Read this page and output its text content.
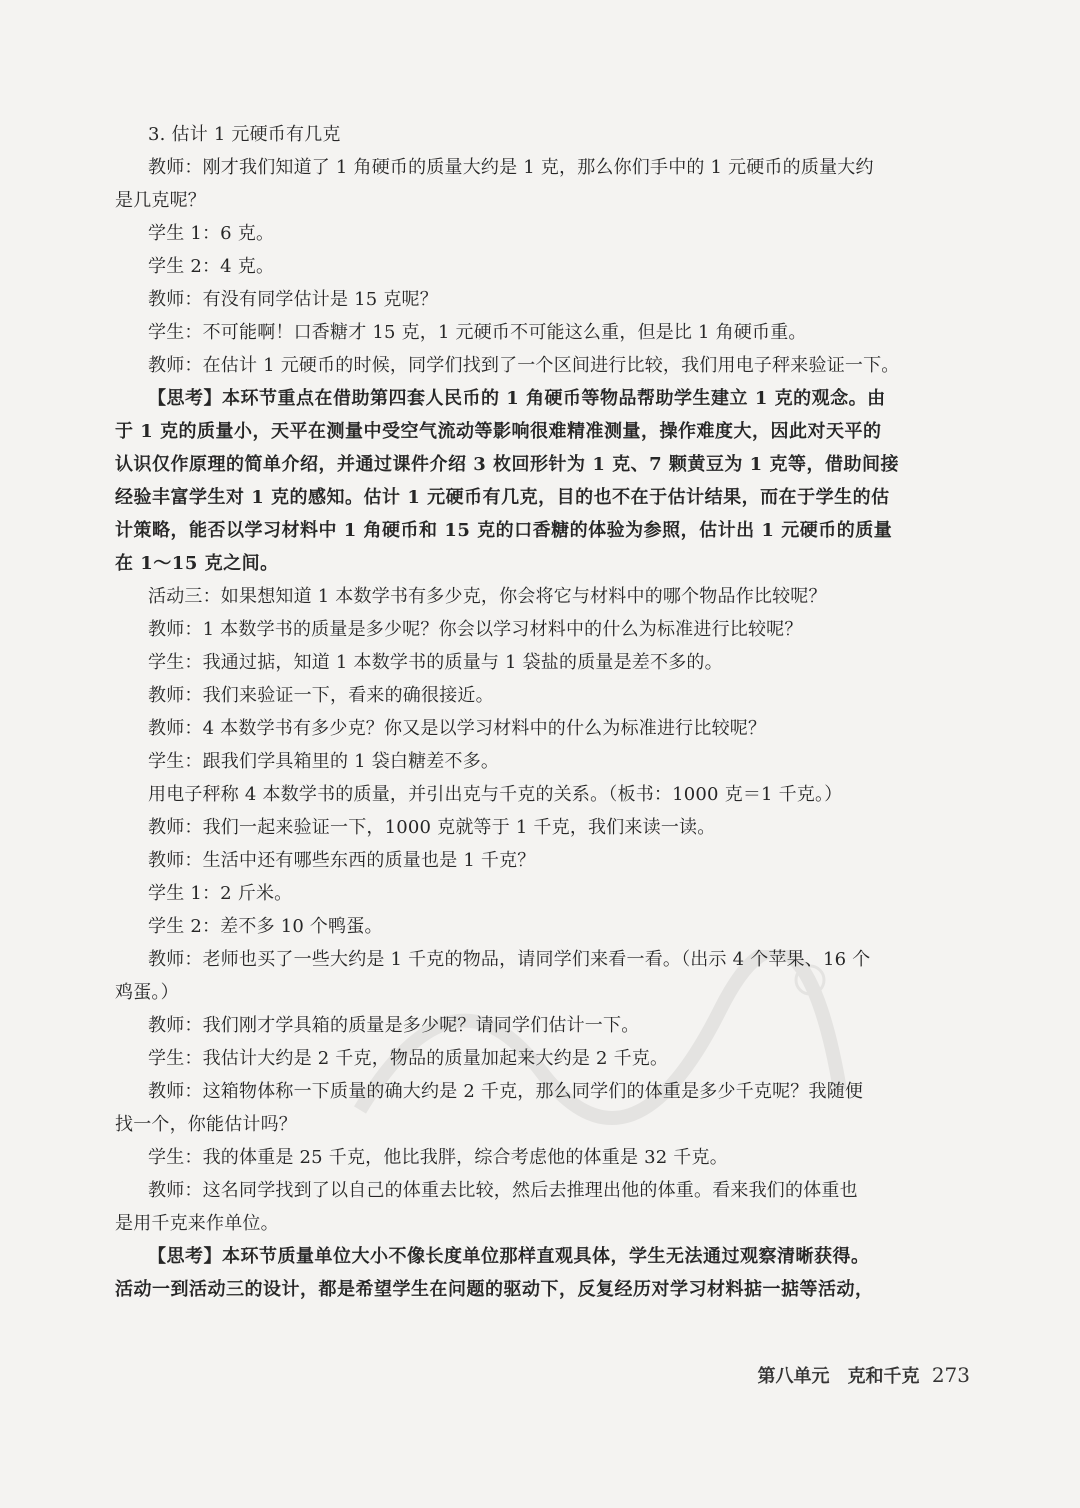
3. 估计 1 元硬币有几克
教师：刚才我们知道了 1 角硬币的质量大约是 1 克，那么你们手中的 1 元硬币的质量大约
是几克呢？
学生 1：6 克。
学生 2：4 克。
教师：有没有同学估计是 15 克呢？
学生：不可能啊！口香糖才 15 克，1 元硬币不可能这么重，但是比 1 角硬币重。
教师：在估计 1 元硬币的时候，同学们找到了一个区间进行比较，我们用电子秤来验证一下。
【思考】本环节重点在借助第四套人民币的 1 角硬币等物品帮助学生建立 1 克的观念。由
于 1 克的质量小，天平在测量中受空气流动等影响很难精准测量，操作难度大，因此对天平的
认识仅作原理的简单介绍，并通过课件介绍 3 枚回形针为 1 克、7 颗黄豆为 1 克等，借助间接
经验丰富学生对 1 克的感知。估计 1 元硬币有几克，目的也不在于估计结果，而在于学生的估
计策略，能否以学习材料中 1 角硬币和 15 克的口香糖的体验为参照，估计出 1 元硬币的质量
在 1～15 克之间。
活动三：如果想知道 1 本数学书有多少克，你会将它与材料中的哪个物品作比较呢？
教师：1 本数学书的质量是多少呢？你会以学习材料中的什么为标准进行比较呢？
学生：我通过掂，知道 1 本数学书的质量与 1 袋盐的质量是差不多的。
教师：我们来验证一下，看来的确很接近。
教师：4 本数学书有多少克？你又是以学习材料中的什么为标准进行比较呢？
学生：跟我们学具箱里的 1 袋白糖差不多。
用电子秤称 4 本数学书的质量，并引出克与千克的关系。（板书：1000 克＝1 千克。）
教师：我们一起来验证一下，1000 克就等于 1 千克，我们来读一读。
教师：生活中还有哪些东西的质量也是 1 千克？
学生 1：2 斤米。
学生 2：差不多 10 个鸭蛋。
教师：老师也买了一些大约是 1 千克的物品，请同学们来看一看。（出示 4 个苹果、16 个
鸡蛋。）
教师：我们刚才学具箱的质量是多少呢？请同学们估计一下。
学生：我估计大约是 2 千克，物品的质量加起来大约是 2 千克。
教师：这箱物体称一下质量的确大约是 2 千克，那么同学们的体重是多少千克呢？我随便
找一个，你能估计吗？
学生：我的体重是 25 千克，他比我胖，综合考虑他的体重是 32 千克。
教师：这名同学找到了以自己的体重去比较，然后去推理出他的体重。看来我们的体重也
是用千克来作单位。
【思考】本环节质量单位大小不像长度单位那样直观具体，学生无法通过观察清晰获得。
活动一到活动三的设计，都是希望学生在问题的驱动下，反复经历对学习材料掂一掂等活动，
第八单元　克和千克 273
